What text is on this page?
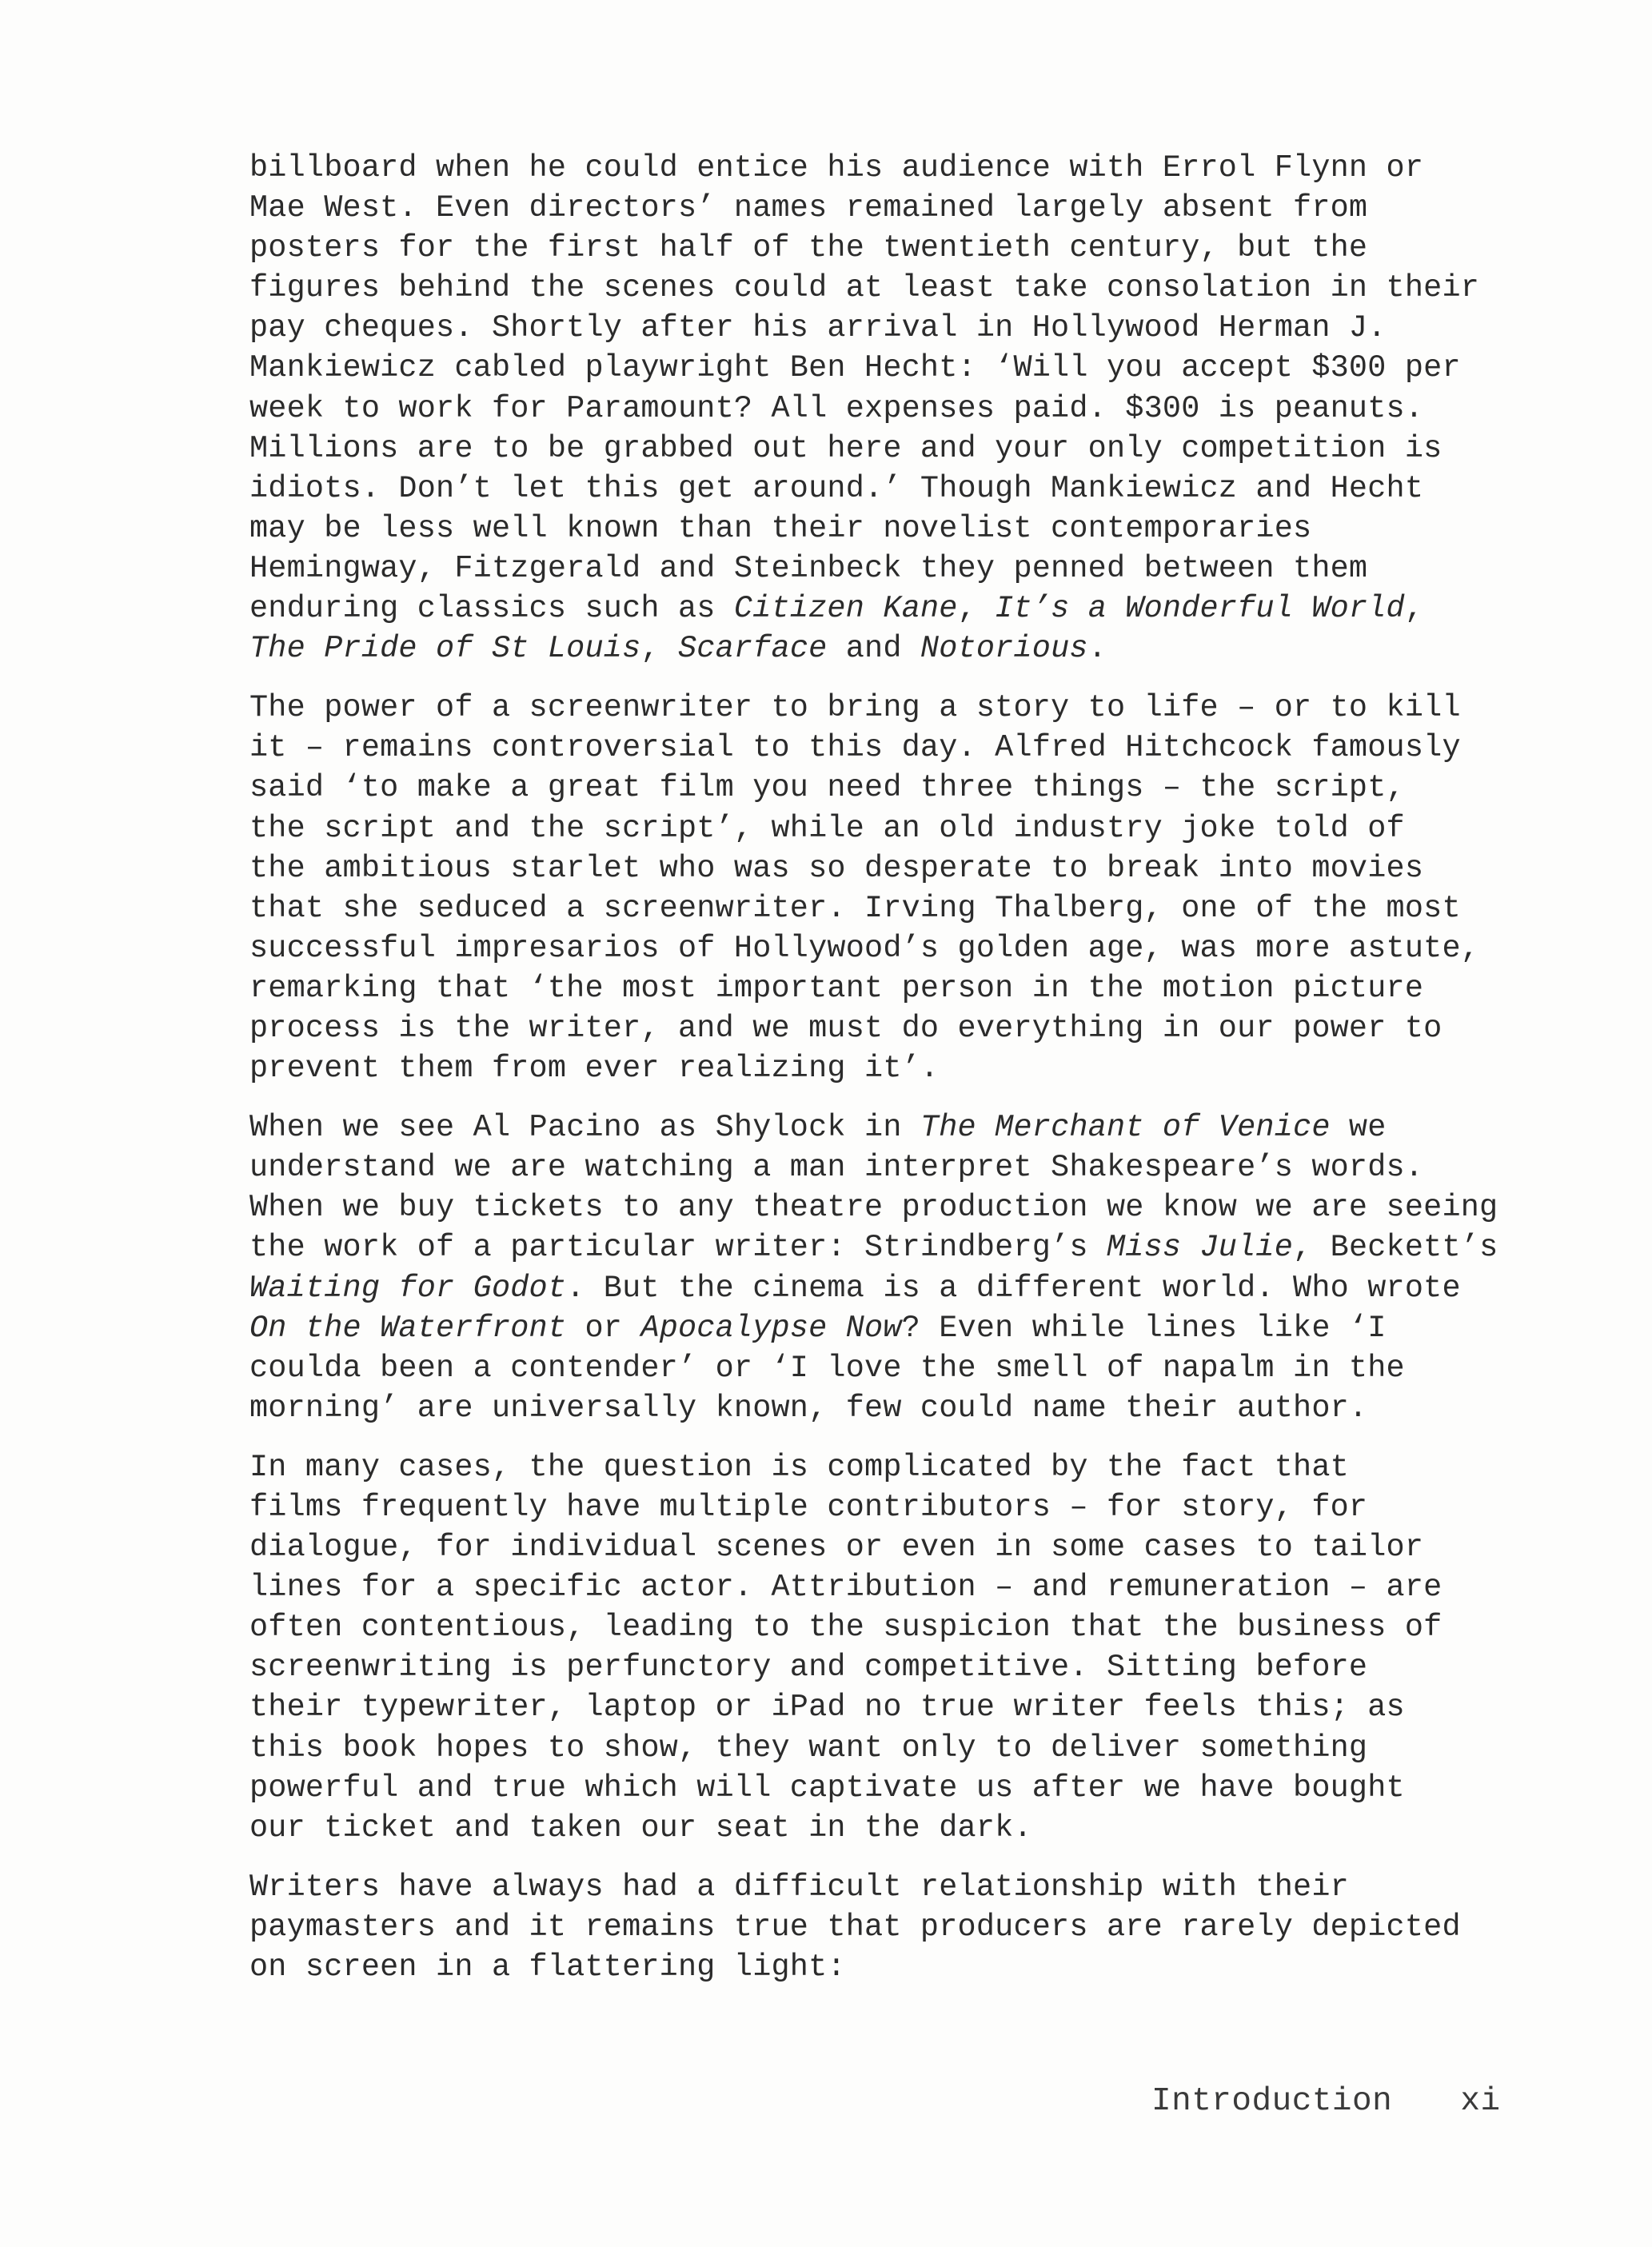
billboard when he could entice his audience with Errol Flynn or
Mae West. Even directors’ names remained largely absent from
posters for the first half of the twentieth century, but the
figures behind the scenes could at least take consolation in their
pay cheques. Shortly after his arrival in Hollywood Herman J.
Mankiewicz cabled playwright Ben Hecht: ‘Will you accept $300 per
week to work for Paramount? All expenses paid. $300 is peanuts.
Millions are to be grabbed out here and your only competition is
idiots. Don’t let this get around.’ Though Mankiewicz and Hecht
may be less well known than their novelist contemporaries
Hemingway, Fitzgerald and Steinbeck they penned between them
enduring classics such as Citizen Kane, It’s a Wonderful World,
The Pride of St Louis, Scarface and Notorious.
The power of a screenwriter to bring a story to life – or to kill
it – remains controversial to this day. Alfred Hitchcock famously
said ‘to make a great film you need three things – the script,
the script and the script’, while an old industry joke told of
the ambitious starlet who was so desperate to break into movies
that she seduced a screenwriter. Irving Thalberg, one of the most
successful impresarios of Hollywood’s golden age, was more astute,
remarking that ‘the most important person in the motion picture
process is the writer, and we must do everything in our power to
prevent them from ever realizing it’.
When we see Al Pacino as Shylock in The Merchant of Venice we
understand we are watching a man interpret Shakespeare’s words.
When we buy tickets to any theatre production we know we are seeing
the work of a particular writer: Strindberg’s Miss Julie, Beckett’s
Waiting for Godot. But the cinema is a different world. Who wrote
On the Waterfront or Apocalypse Now? Even while lines like ‘I
coulda been a contender’ or ‘I love the smell of napalm in the
morning’ are universally known, few could name their author.
In many cases, the question is complicated by the fact that
films frequently have multiple contributors – for story, for
dialogue, for individual scenes or even in some cases to tailor
lines for a specific actor. Attribution – and remuneration – are
often contentious, leading to the suspicion that the business of
screenwriting is perfunctory and competitive. Sitting before
their typewriter, laptop or iPad no true writer feels this; as
this book hopes to show, they want only to deliver something
powerful and true which will captivate us after we have bought
our ticket and taken our seat in the dark.
Writers have always had a difficult relationship with their
paymasters and it remains true that producers are rarely depicted
on screen in a flattering light:
Introduction xi
